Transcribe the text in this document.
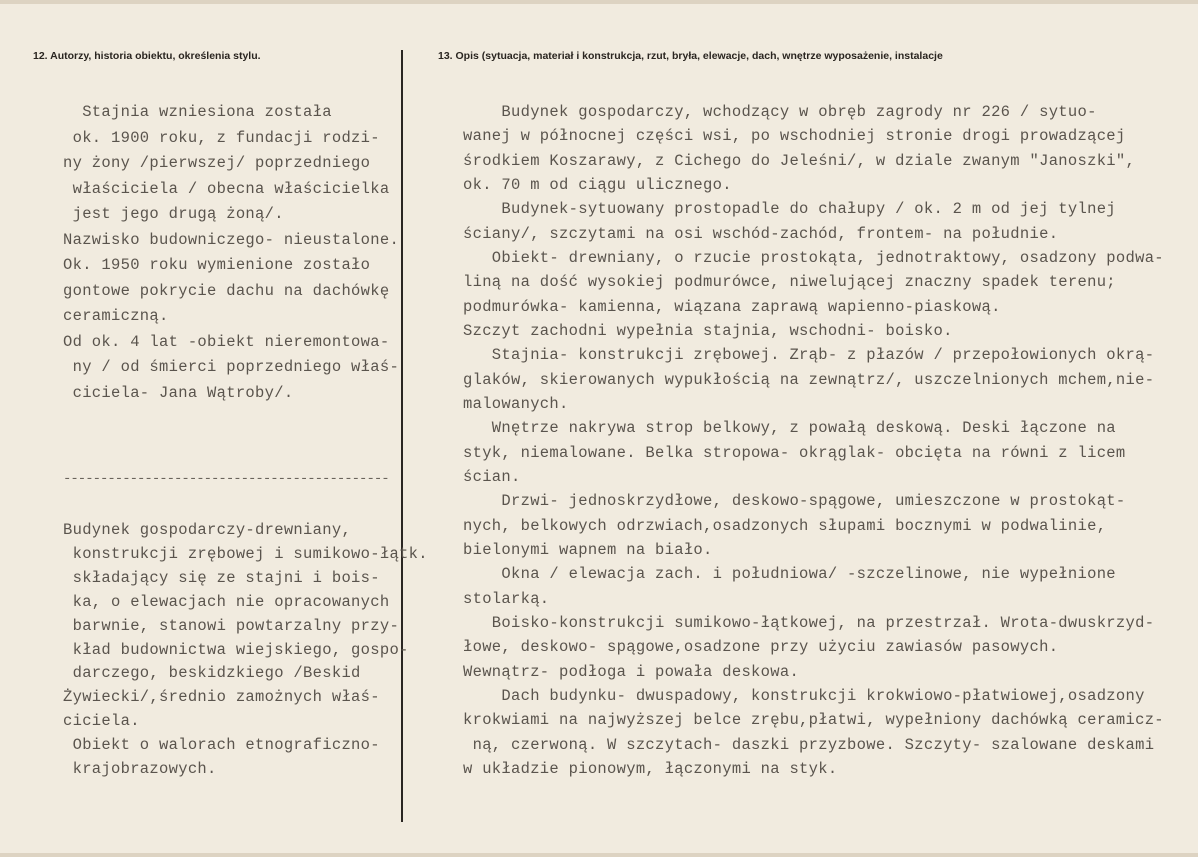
12. Autorzy, historia obiektu, określenia stylu.	13. Opis (sytuacja, materiał i konstrukcja, rzut, bryła, elewacje, dach, wnętrze wyposażenie, instalacje
Stajnia wzniesiona została
ok. 1900 roku, z fundacji rodzi-
ny żony /pierwszej/ poprzedniego
właściciela / obecna właścicielka
jest jego drugą żoną/.
Nazwisko budowniczego- nieustalone.
Ok. 1950 roku wymienione zostało
gontowe pokrycie dachu na dachówkę
ceramiczną.
Od ok. 4 lat -obiekt nieremontowa-
ny / od śmierci poprzedniego właś-
ciciela- Jana Wątroby/.
--------------------------------------------
Budynek gospodarczy-drewniany,
konstrukcji zrębowej i sumikowo-łątk.
składający się ze stajni i bois-
ka, o elewacjach nie opracowanych
barwnie, stanowi powtarzalny przy-
kład budownictwa wiejskiego, gospo-
darczego, beskidzkiego /Beskid
Żywiecki/,średnio zamożnych właś-
ciciela.
Obiekt o walorach etnograficzno-
krajobrazowych.
Budynek gospodarczy, wchodzący w obręb zagrody nr 226 / sytuo-
wanej w północnej części wsi, po wschodniej stronie drogi prowadzącej
środkiem Koszarawy, z Cichego do Jeleśni/, w dziale zwanym "Janoszki",
ok. 70 m od ciągu ulicznego.
Budynek-sytuowany prostopadle do chałupy / ok. 2 m od jej tylnej
ściany/, szczytami na osi wschód-zachód, frontem- na południe.
Obiekt- drewniany, o rzucie prostokąta, jednotraktowy, osadzony podwa-
liną na dość wysokiej podmurówce, niwelującej znaczny spadek terenu;
podmurówka- kamienna, wiązana zaprawą wapienno-piaskową.
Szczyt zachodni wypełnia stajnia, wschodni- boisko.
Stajnia- konstrukcji zrębowej. Zrąb- z płazów / przepołowionych okrą-
glaków, skierowanych wypukłością na zewnątrz/, uszczelnionych mchem,nie-
malowanych.
Wnętrze nakrywa strop belkowy, z powałą deskową. Deski łączone na
styk, niemalowane. Belka stropowa- okrąglak- obcięta na równi z licem
ścian.
Drzwi- jednoskrzydłowe, deskowo-spągowe, umieszczone w prostokąt-
nych, belkowych odrzwiach,osadzonych słupami bocznymi w podwalinie,
bielonymi wapnem na biało.
Okna / elewacja zach. i południowa/ -szczelinowe, nie wypełnione
stolarką.
Boisko-konstrukcji sumikowo-łątkowej, na przestrzał. Wrota-dwuskrzyd-
łowe, deskowo- spągowe,osadzone przy użyciu zawiasów pasowych.
Wewnątrz- podłoga i powała deskowa.
Dach budynku- dwuspadowy, konstrukcji krokwiowo-płatwiowej,osadzony
krokwiami na najwyższej belce zrębu,płatwi, wypełniony dachówką ceramicz-
ną, czerwoną. W szczytach- daszki przyzbowe. Szczyty- szalowane deskami
w układzie pionowym, łączonymi na styk.
